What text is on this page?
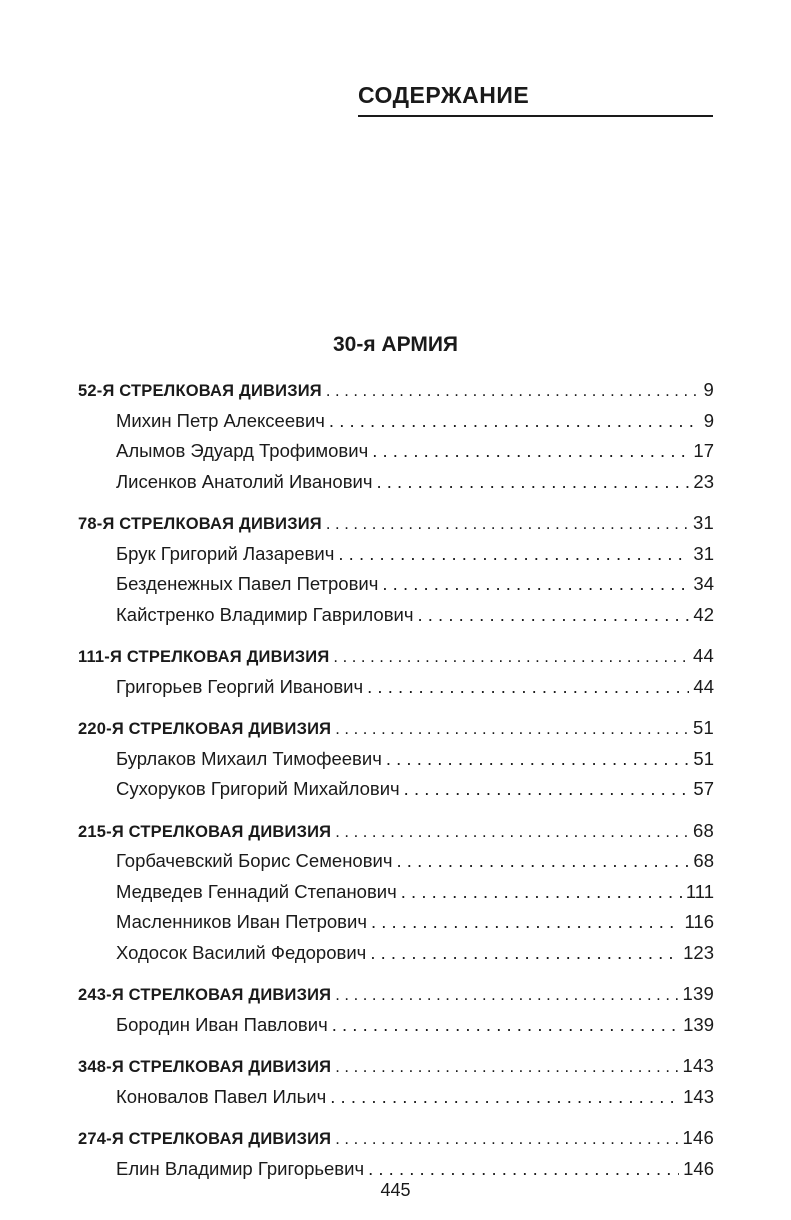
СОДЕРЖАНИЕ
30-я АРМИЯ
52-Я СТРЕЛКОВАЯ ДИВИЗИЯ . . .	9
Михин Петр Алексеевич . . .	9
Алымов Эдуард Трофимович . . .	17
Лисенков Анатолий Иванович . . .	23
78-Я СТРЕЛКОВАЯ ДИВИЗИЯ . . .	31
Брук Григорий Лазаревич . . .	31
Безденежных Павел Петрович . . .	34
Кайстренко Владимир Гаврилович . . .	42
111-Я СТРЕЛКОВАЯ ДИВИЗИЯ . . .	44
Григорьев Георгий Иванович . . .	44
220-Я СТРЕЛКОВАЯ ДИВИЗИЯ . . .	51
Бурлаков Михаил Тимофеевич . . .	51
Сухоруков Григорий Михайлович . . .	57
215-Я СТРЕЛКОВАЯ ДИВИЗИЯ . . .	68
Горбачевский Борис Семенович . . .	68
Медведев Геннадий Степанович . . .	111
Масленников Иван Петрович . . .	116
Ходосок Василий Федорович . . .	123
243-Я СТРЕЛКОВАЯ ДИВИЗИЯ . . .	139
Бородин Иван Павлович . . .	139
348-Я СТРЕЛКОВАЯ ДИВИЗИЯ . . .	143
Коновалов Павел Ильич . . .	143
274-Я СТРЕЛКОВАЯ ДИВИЗИЯ . . .	146
Елин Владимир Григорьевич . . .	146
445
